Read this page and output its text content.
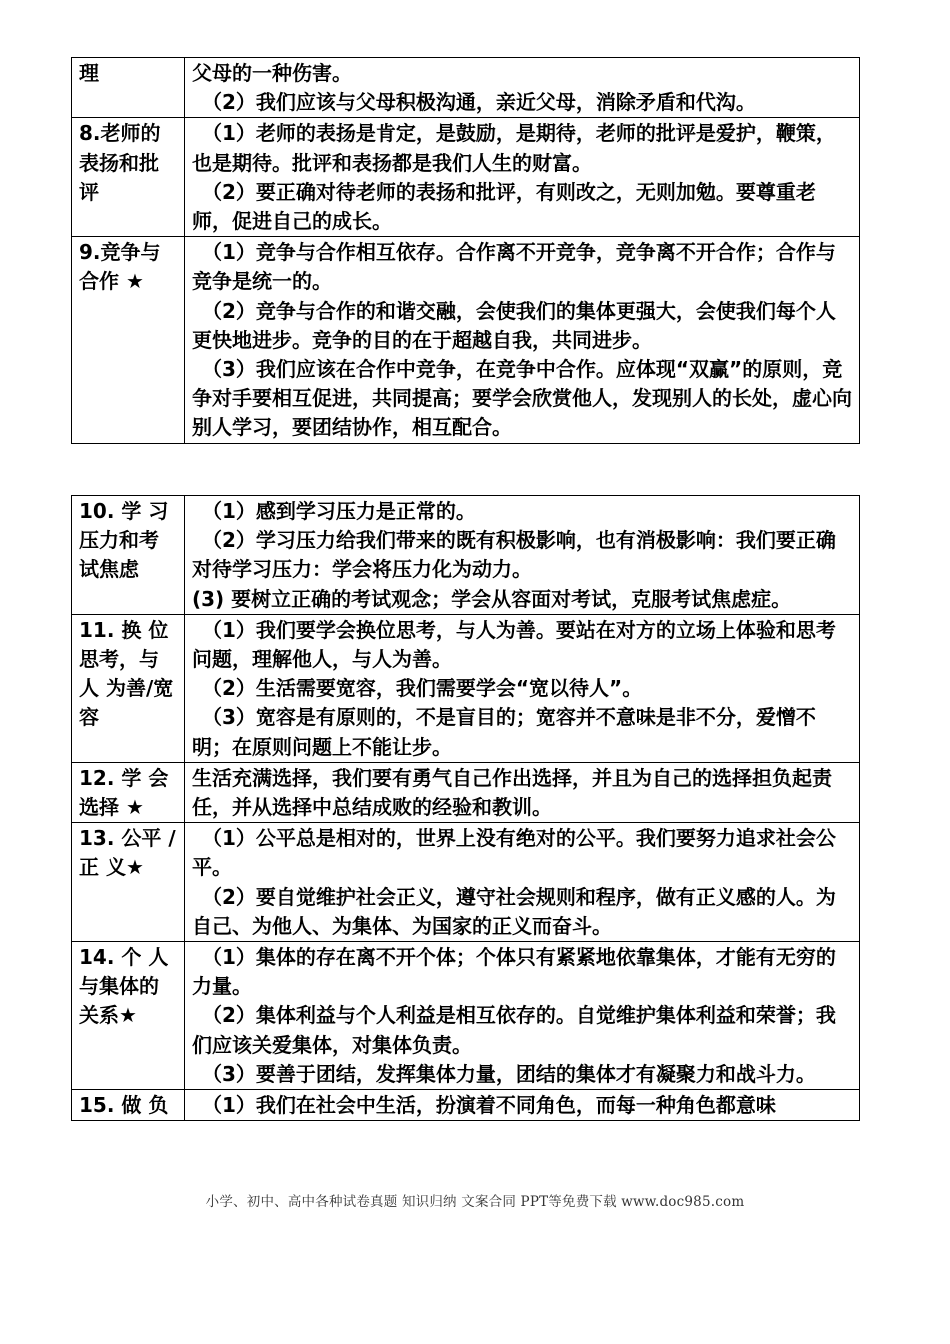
理	父母的一种伤害。
（2）我们应该与父母积极沟通，亲近父母，消除矛盾和代沟。

8.老师的表扬和批评	（1）老师的表扬是肯定，是鼓励，是期待，老师的批评是爱护，鞭策，也是期待。批评和表扬都是我们人生的财富。
（2）要正确对待老师的表扬和批评，有则改之，无则加勉。要尊重老师，促进自己的成长。

9.竞争与合作 ★	（1）竞争与合作相互依存。合作离不开竞争，竞争离不开合作；合作与竞争是统一的。
（2）竞争与合作的和谐交融，会使我们的集体更强大，会使我们每个人更快地进步。竞争的目的在于超越自我，共同进步。
（3）我们应该在合作中竞争，在竞争中合作。应体现“双赢”的原则，竞争对手要相互促进，共同提高；要学会欣赏他人，发现别人的长处，虚心向别人学习，要团结协作，相互配合。
10. 学 习压力和考试焦虑	（1）感到学习压力是正常的。
（2）学习压力给我们带来的既有积极影响，也有消极影响：我们要正确对待学习压力：学会将压力化为动力。
(3) 要树立正确的考试观念；学会从容面对考试，克服考试焦虑症。

11. 换 位思考，与人 为善/宽容	（1）我们要学会换位思考，与人为善。要站在对方的立场上体验和思考问题，理解他人，与人为善。
（2）生活需要宽容，我们需要学会“宽以待人”。
（3）宽容是有原则的，不是盲目的；宽容并不意味是非不分，爱憎不明；在原则问题上不能让步。

12. 学 会选择 ★	生活充满选择，我们要有勇气自己作出选择，并且为自己的选择担负起责任，并从选择中总结成败的经验和教训。

13. 公平 / 正 义★	（1）公平总是相对的，世界上没有绝对的公平。我们要努力追求社会公平。
（2）要自觉维护社会正义，遵守社会规则和程序，做有正义感的人。为自己、为他人、为集体、为国家的正义而奋斗。

14. 个 人与集体的关系★	（1）集体的存在离不开个体；个体只有紧紧地依靠集体，才能有无穷的力量。
（2）集体利益与个人利益是相互依存的。自觉维护集体利益和荣誉；我们应该关爱集体，对集体负责。
（3）要善于团结，发挥集体力量，团结的集体才有凝聚力和战斗力。

15. 做 负	（1）我们在社会中生活，扮演着不同角色，而每一种角色都意味
小学、初中、高中各种试卷真题 知识归纳 文案合同 PPT等免费下载 www.doc985.com
